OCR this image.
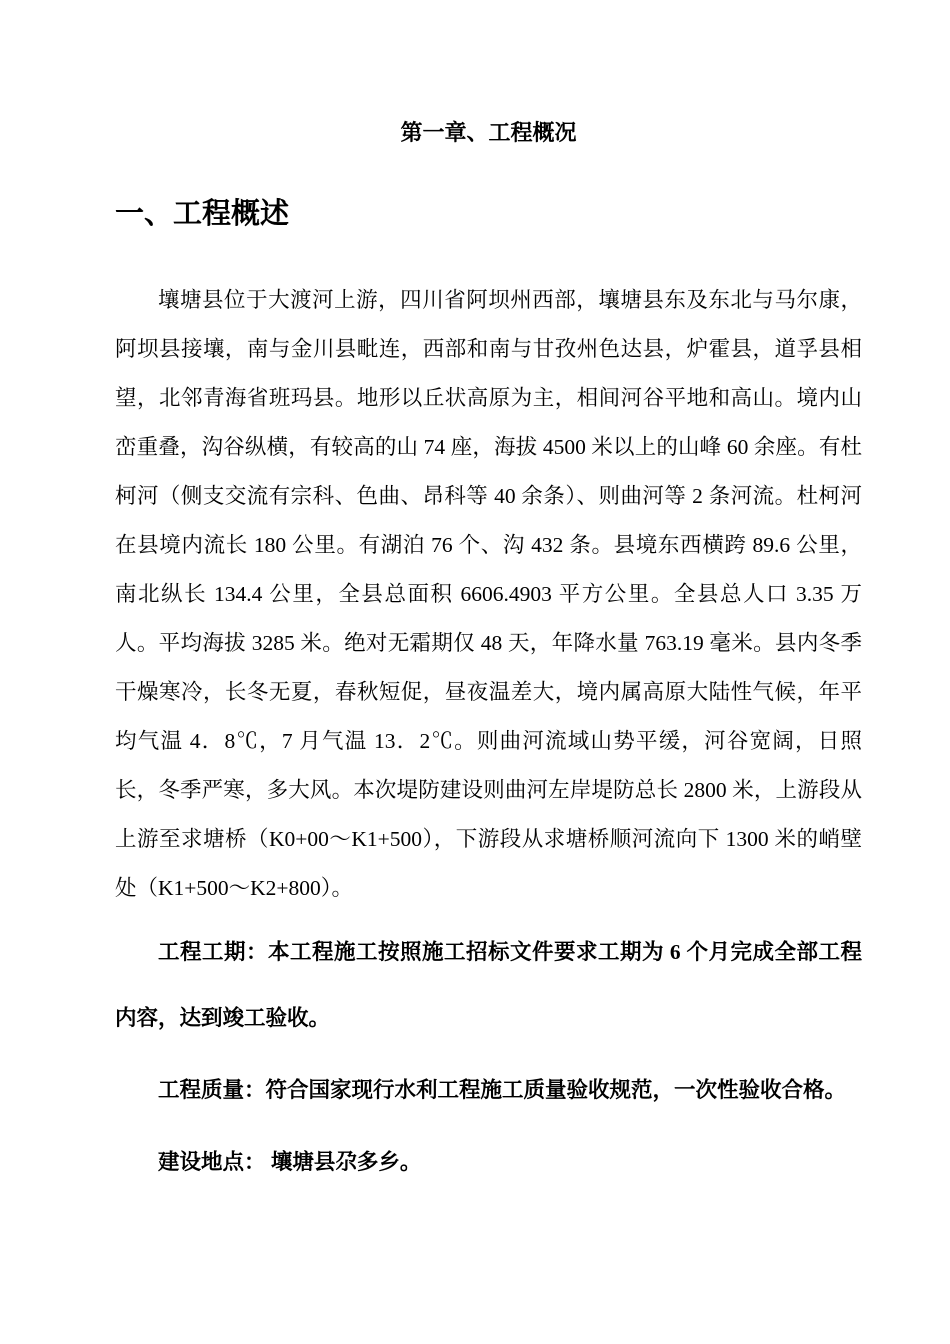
第一章、工程概况
一、工程概述

壤塘县位于大渡河上游，四川省阿坝州西部，壤塘县东及东北与马尔康，阿坝县接壤，南与金川县毗连，西部和南与甘孜州色达县，炉霍县，道孚县相望，北邻青海省班玛县。地形以丘状高原为主，相间河谷平地和高山。境内山峦重叠，沟谷纵横，有较高的山 74 座，海拔 4500 米以上的山峰 60 余座。有杜柯河（侧支交流有宗科、色曲、昂科等 40 余条）、则曲河等 2 条河流。杜柯河在县境内流长 180 公里。有湖泊 76 个、沟 432 条。县境东西横跨 89.6 公里，南北纵长 134.4 公里，全县总面积 6606.4903 平方公里。全县总人口 3.35 万人。平均海拔 3285 米。绝对无霜期仅 48 天，年降水量 763.19 毫米。县内冬季干燥寒冷，长冬无夏，春秋短促，昼夜温差大，境内属高原大陆性气候，年平均气温 4．8℃，7 月气温 13．2℃。则曲河流域山势平缓，河谷宽阔，日照长，冬季严寒，多大风。本次堤防建设则曲河左岸堤防总长 2800 米，上游段从上游至求塘桥（K0+00～K1+500），下游段从求塘桥顺河流向下 1300 米的峭壁处（K1+500～K2+800）。

工程工期：本工程施工按照施工招标文件要求工期为 6 个月完成全部工程内容，达到竣工验收。

工程质量：符合国家现行水利工程施工质量验收规范，一次性验收合格。

建设地点： 壤塘县尕多乡。
